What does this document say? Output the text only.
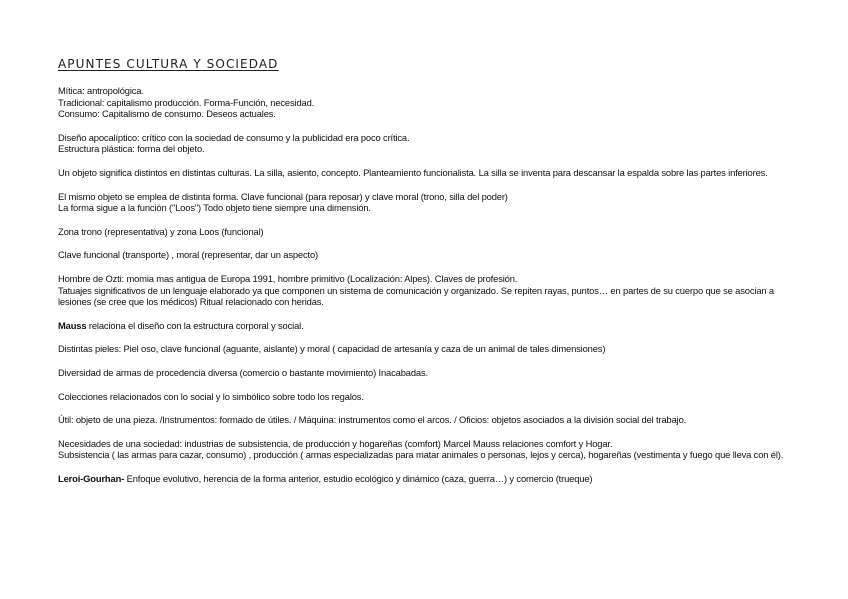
APUNTES CULTURA Y SOCIEDAD
Mítica: antropológica.
Tradicional: capitalismo producción. Forma-Función, necesidad.
Consumo: Capitalismo de consumo. Deseos actuales.
Diseño apocalíptico: crítico con la sociedad de consumo y la publicidad era poco crítica.
Estructura plástica: forma del objeto.
Un objeto significa distintos en distintas culturas. La silla, asiento, concepto. Planteamiento funcionalista. La silla se inventa para descansar la espalda sobre las partes inferiores.
El mismo objeto se emplea de distinta forma. Clave funcional (para reposar) y clave moral (trono, silla del poder)
La forma sigue a la función ("Loos") Todo objeto tiene siempre una dimensión.
Zona trono (representativa) y zona Loos (funcional)
Clave funcional (transporte) , moral (representar, dar un aspecto)
Hombre de Ozti: momia mas antigua de Europa 1991, hombre primitivo (Localización: Alpes). Claves de profesión.
Tatuajes significativos de un lenguaje elaborado ya que componen un sistema de comunicación y organizado. Se repiten rayas, puntos… en partes de su cuerpo que se asocian a lesiones (se cree que los médicos) Ritual relacionado con heridas.
Mauss relaciona el diseño con la estructura corporal y social.
Distintas pieles: Piel oso, clave funcional (aguante, aislante) y moral ( capacidad de artesanía y caza de un animal de tales dimensiones)
Diversidad de armas de procedencia diversa (comercio o bastante movimiento) Inacabadas.
Colecciones relacionados con lo social y lo simbólico sobre todo los regalos.
Útil: objeto de una pieza. /Instrumentos: formado de útiles. / Máquina: instrumentos como el arcos. / Oficios: objetos asociados a la división social del trabajo.
Necesidades de una sociedad: industrias de subsistencia, de producción y hogareñas (comfort) Marcel Mauss relaciones comfort y Hogar.
Subsistencia ( las armas para cazar, consumo) , producción ( armas especializadas para matar animales o personas, lejos y cerca), hogareñas (vestimenta y fuego que lleva con él).
Leroi-Gourhan- Enfoque evolutivo, herencia de la forma anterior, estudio ecológico y dinámico (caza, guerra…) y comercio (trueque)
